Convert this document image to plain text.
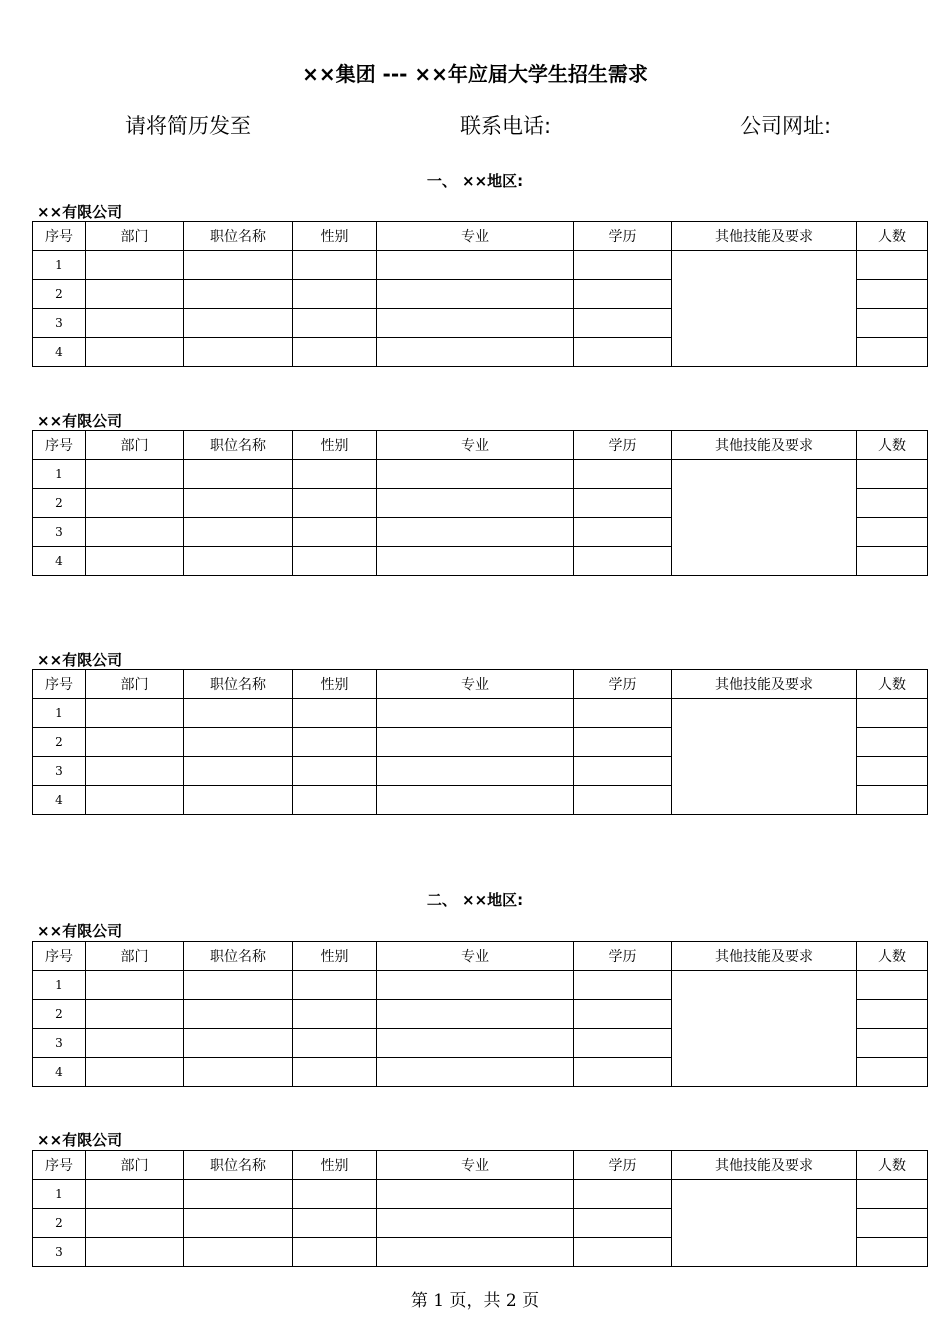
××集团 --- ××年应届大学生招生需求
请将简历发至	联系电话:	公司网址:
一、 ××地区:
二、 ××地区:
××有限公司
××有限公司
××有限公司
××有限公司
××有限公司
序号	部门	职位名称	性别	专业	学历	其他技能及要求	人数
1							
2							
3							
4							
序号	部门	职位名称	性别	专业	学历	其他技能及要求	人数
1							
2							
3							
4							
序号	部门	职位名称	性别	专业	学历	其他技能及要求	人数
1							
2							
3							
4							
序号	部门	职位名称	性别	专业	学历	其他技能及要求	人数
1							
2							
3							
4							
序号	部门	职位名称	性别	专业	学历	其他技能及要求	人数
1							
2							
3							
第 1 页，共 2 页
